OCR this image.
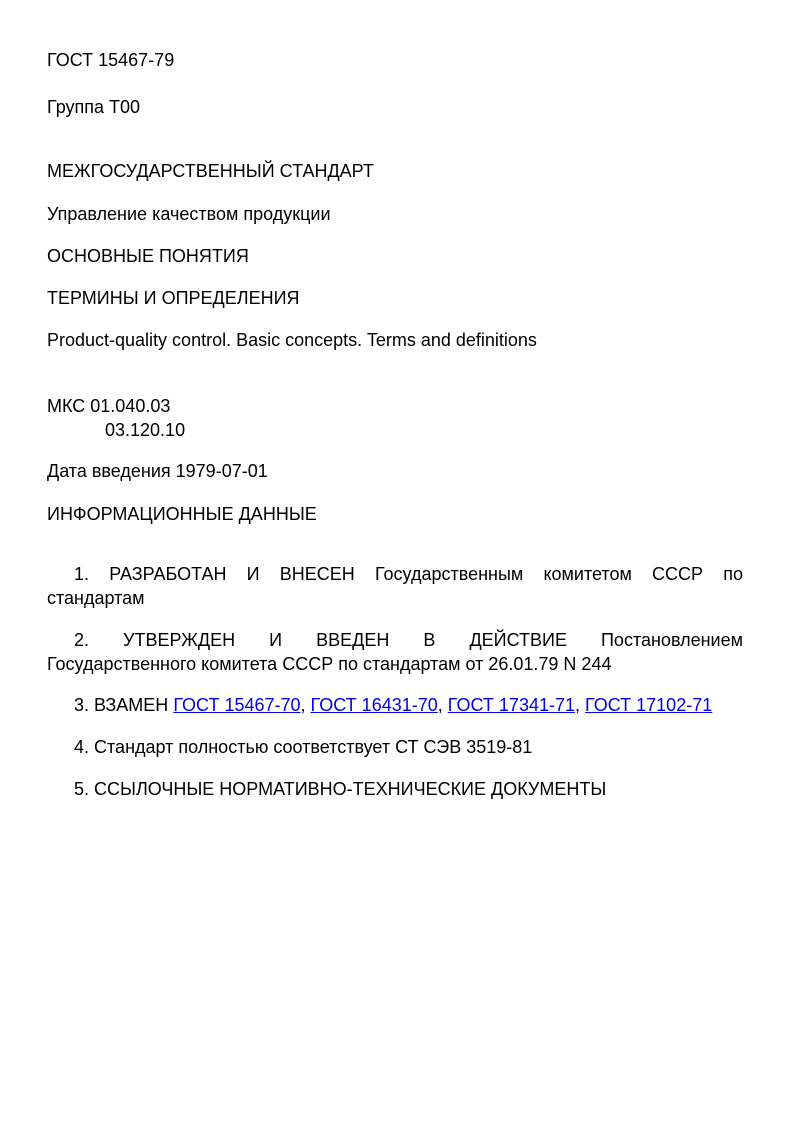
ГОСТ 15467-79
Группа Т00
МЕЖГОСУДАРСТВЕННЫЙ СТАНДАРТ
Управление качеством продукции
ОСНОВНЫЕ ПОНЯТИЯ
ТЕРМИНЫ И ОПРЕДЕЛЕНИЯ
Product-quality control. Basic concepts. Terms and definitions
МКС 01.040.03
03.120.10
Дата введения 1979-07-01
ИНФОРМАЦИОННЫЕ ДАННЫЕ
1. РАЗРАБОТАН И ВНЕСЕН Государственным комитетом СССР по
стандартам
2. УТВЕРЖДЕН И ВВЕДЕН В ДЕЙСТВИЕ Постановлением
Государственного комитета СССР по стандартам от 26.01.79 N 244
3. ВЗАМЕН ГОСТ 15467-70, ГОСТ 16431-70, ГОСТ 17341-71, ГОСТ 17102-71
4. Стандарт полностью соответствует СТ СЭВ 3519-81
5. ССЫЛОЧНЫЕ НОРМАТИВНО-ТЕХНИЧЕСКИЕ ДОКУМЕНТЫ
